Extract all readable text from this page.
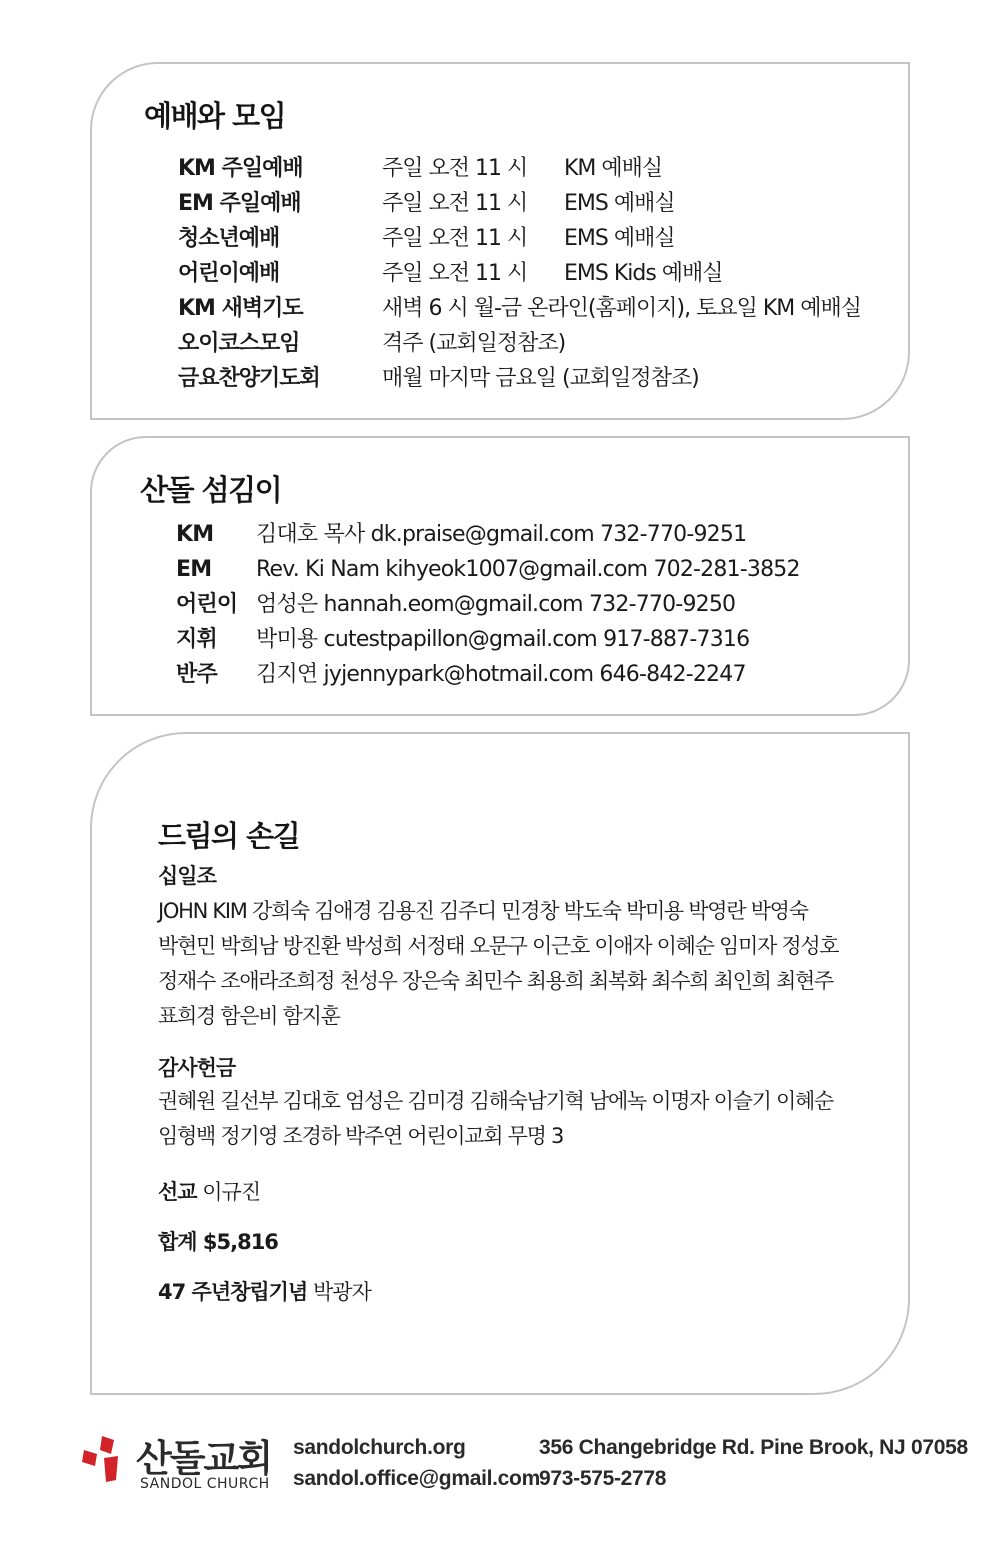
예배와 모임
KM 주일예배	주일 오전 11 시 KM 예배실
EM 주일예배	주일 오전 11 시 EMS 예배실
청소년예배	주일 오전 11 시 EMS 예배실
어린이예배	주일 오전 11 시 EMS Kids 예배실
KM 새벽기도	새벽 6 시 월-금 온라인(홈페이지), 토요일 KM 예배실
오이코스모임	격주 (교회일정참조)
금요찬양기도회	매월 마지막 금요일 (교회일정참조)
산돌 섬김이
KM 김대호 목사 dk.praise@gmail.com 732-770-9251
EM Rev. Ki Nam kihyeok1007@gmail.com 702-281-3852
어린이 엄성은 hannah.eom@gmail.com 732-770-9250
지휘 박미용 cutestpapillon@gmail.com 917-887-7316
반주 김지연 jyjennypark@hotmail.com 646-842-2247
드림의 손길
십일조
JOHN KIM 강희숙 김애경 김용진 김주디 민경창 박도숙 박미용 박영란 박영숙
박현민 박희남 방진환 박성희 서정태 오문구 이근호 이애자 이혜순 임미자 정성호
정재수 조애라조희정 천성우 장은숙 최민수 최용희 최복화 최수희 최인희 최현주
표희경 함은비 함지훈
감사헌금
권혜원 길선부 김대호 엄성은 김미경 김해숙남기혁 남에녹 이명자 이슬기 이혜순
임형백 정기영 조경하 박주연 어린이교회 무명 3
선교 이규진
합계 $5,816
47 주년창립기념 박광자
산돌교회
SANDOL CHURCH
sandolchurch.org
sandol.office@gmail.com
356 Changebridge Rd. Pine Brook, NJ 07058
973-575-2778
